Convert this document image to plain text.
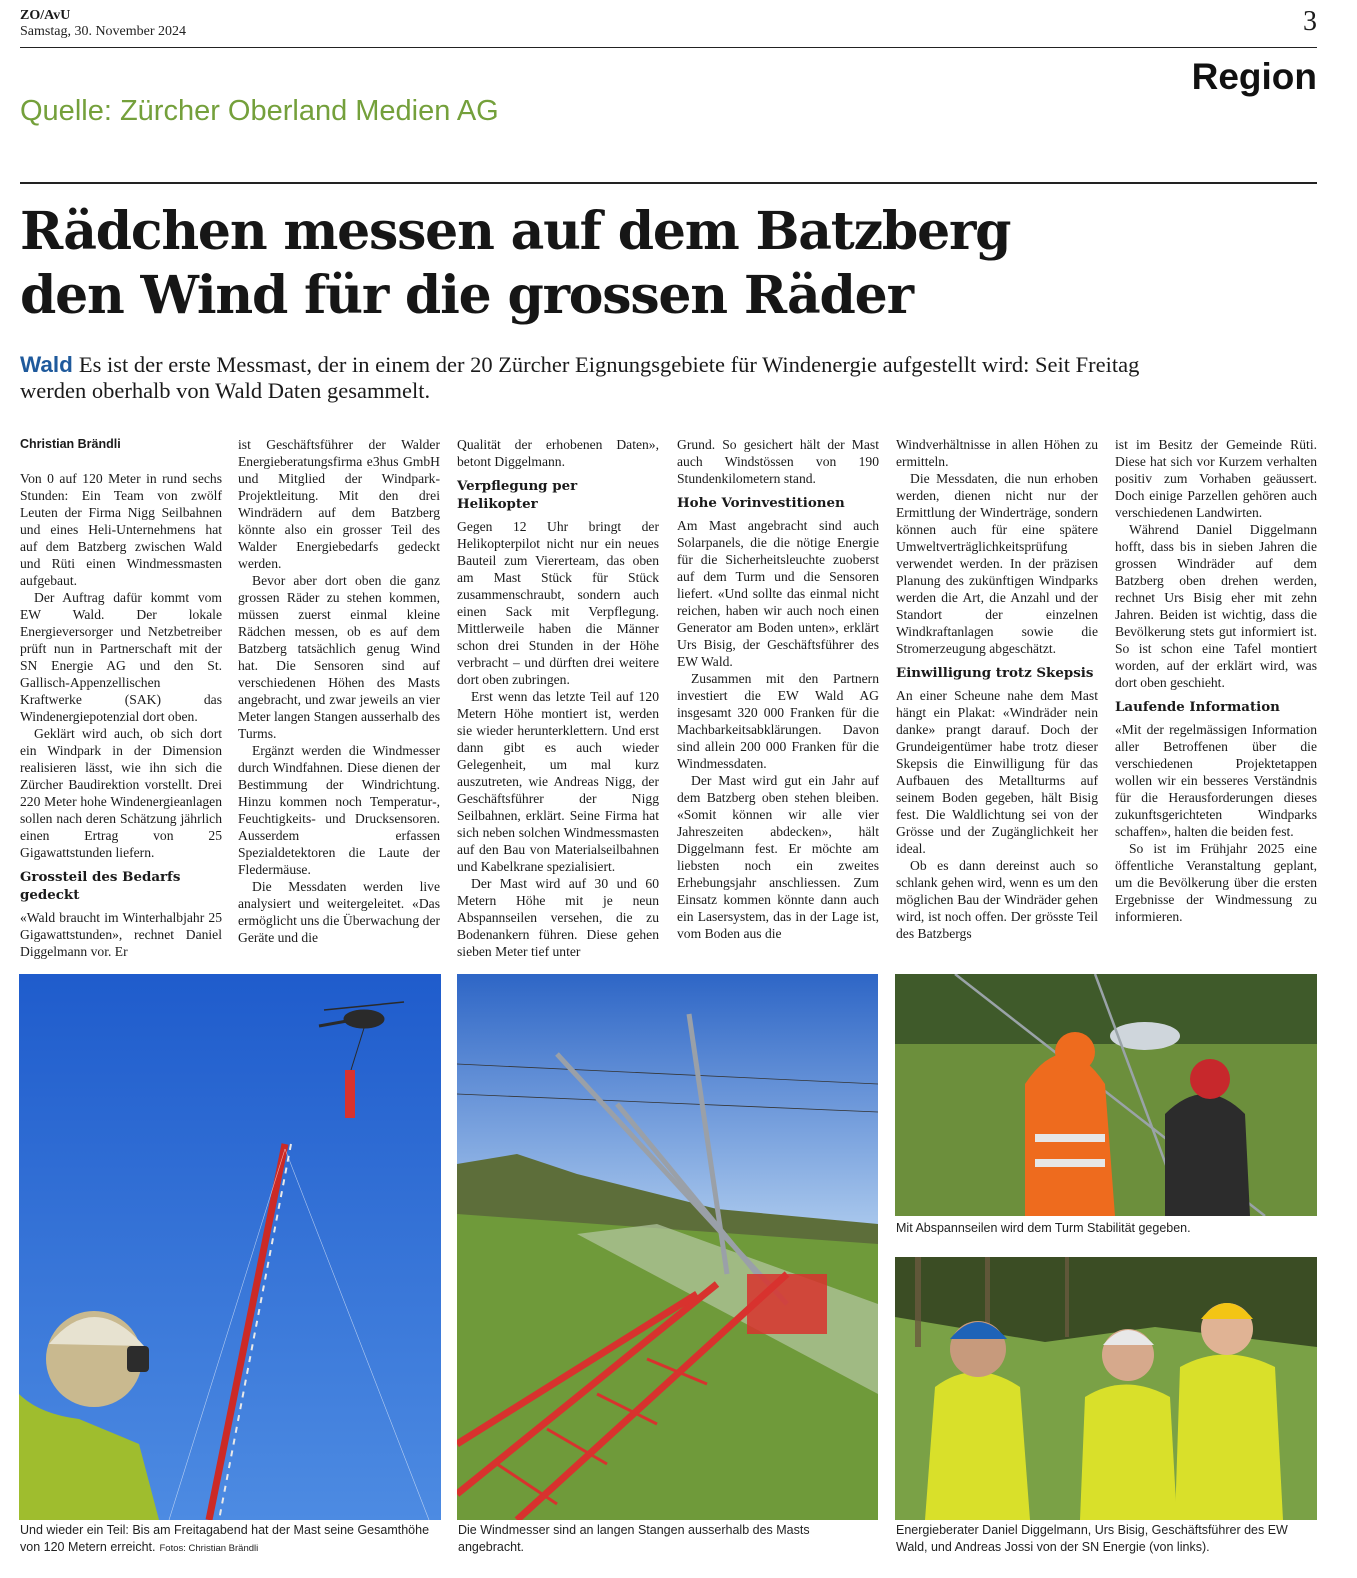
ZO/AvU
Samstag, 30. November 2024	3
Region
Quelle: Zürcher Oberland Medien AG
Rädchen messen auf dem Batzberg
den Wind für die grossen Räder
Wald Es ist der erste Messmast, der in einem der 20 Zürcher Eignungsgebiete für Windenergie aufgestellt wird: Seit Freitag werden oberhalb von Wald Daten gesammelt.
Christian Brändli

Von 0 auf 120 Meter in rund sechs Stunden: Ein Team von zwölf Leuten der Firma Nigg Seilbahnen und eines Heli-Unternehmens hat auf dem Batzberg zwischen Wald und Rüti einen Windmessmasten aufgebaut.

Der Auftrag dafür kommt vom EW Wald. Der lokale Energieversorger und Netzbetreiber prüft nun in Partnerschaft mit der SN Energie AG und den St. Gallisch-Appenzellischen Kraftwerke (SAK) das Windenergiepotenzial dort oben.

Geklärt wird auch, ob sich dort ein Windpark in der Dimension realisieren lässt, wie ihn sich die Zürcher Baudirektion vorstellt. Drei 220 Meter hohe Windenergieanlagen sollen nach deren Schätzung jährlich einen Ertrag von 25 Gigawattstunden liefern.

Grossteil des Bedarfs gedeckt

«Wald braucht im Winterhalbjahr 25 Gigawattstunden», rechnet Daniel Diggelmann vor. Er

ist Geschäftsführer der Walder Energieberatungsfirma e3hus GmbH und Mitglied der Windpark-Projektleitung. Mit den drei Windrädern auf dem Batzberg könnte also ein grosser Teil des Walder Energiebedarfs gedeckt werden.

Bevor aber dort oben die ganz grossen Räder zu stehen kommen, müssen zuerst einmal kleine Rädchen messen, ob es auf dem Batzberg tatsächlich genug Wind hat. Die Sensoren sind auf verschiedenen Höhen des Masts angebracht, und zwar jeweils an vier Meter langen Stangen ausserhalb des Turms.

Ergänzt werden die Windmesser durch Windfahnen. Diese dienen der Bestimmung der Windrichtung. Hinzu kommen noch Temperatur-, Feuchtigkeits- und Drucksensoren. Ausserdem erfassen Spezialdetektoren die Laute der Fledermäuse.

Die Messdaten werden live analysiert und weitergeleitet. «Das ermöglicht uns die Überwachung der Geräte und die

Qualität der erhobenen Daten», betont Diggelmann.

Verpflegung per Helikopter

Gegen 12 Uhr bringt der Helikopterpilot nicht nur ein neues Bauteil zum Viererteam, das oben am Mast Stück für Stück zusammenschraubt, sondern auch einen Sack mit Verpflegung. Mittlerweile haben die Männer schon drei Stunden in der Höhe verbracht – und dürften drei weitere dort oben zubringen.

Erst wenn das letzte Teil auf 120 Metern Höhe montiert ist, werden sie wieder herunterklettern. Und erst dann gibt es auch wieder Gelegenheit, um mal kurz auszutreten, wie Andreas Nigg, der Geschäftsführer der Nigg Seilbahnen, erklärt. Seine Firma hat sich neben solchen Windmessmasten auf den Bau von Materialseilbahnen und Kabelkrane spezialisiert.

Der Mast wird auf 30 und 60 Metern Höhe mit je neun Abspannseilen versehen, die zu Bodenankern führen. Diese gehen sieben Meter tief unter

Grund. So gesichert hält der Mast auch Windstössen von 190 Stundenkilometern stand.

Hohe Vorinvestitionen

Am Mast angebracht sind auch Solarpanels, die die nötige Energie für die Sicherheitsleuchte zuoberst auf dem Turm und die Sensoren liefert. «Und sollte das einmal nicht reichen, haben wir auch noch einen Generator am Boden unten», erklärt Urs Bisig, der Geschäftsführer des EW Wald.

Zusammen mit den Partnern investiert die EW Wald AG insgesamt 320 000 Franken für die Machbarkeitsabklärungen. Davon sind allein 200 000 Franken für die Windmessdaten.

Der Mast wird gut ein Jahr auf dem Batzberg oben stehen bleiben. «Somit können wir alle vier Jahreszeiten abdecken», hält Diggelmann fest. Er möchte am liebsten noch ein zweites Erhebungsjahr anschliessen. Zum Einsatz kommen könnte dann auch ein Lasersystem, das in der Lage ist, vom Boden aus die

Windverhältnisse in allen Höhen zu ermitteln.

Die Messdaten, die nun erhoben werden, dienen nicht nur der Ermittlung der Winderträge, sondern können auch für eine spätere Umweltverträglichkeitsprüfung verwendet werden. In der präzisen Planung des zukünftigen Windparks werden die Art, die Anzahl und der Standort der einzelnen Windkraftanlagen sowie die Stromerzeugung abgeschätzt.

Einwilligung trotz Skepsis

An einer Scheune nahe dem Mast hängt ein Plakat: «Windräder nein danke» prangt darauf. Doch der Grundeigentümer habe trotz dieser Skepsis die Einwilligung für das Aufbauen des Metallturms auf seinem Boden gegeben, hält Bisig fest. Die Waldlichtung sei von der Grösse und der Zugänglichkeit her ideal.

Ob es dann dereinst auch so schlank gehen wird, wenn es um den möglichen Bau der Windräder gehen wird, ist noch offen. Der grösste Teil des Batzbergs

ist im Besitz der Gemeinde Rüti. Diese hat sich vor Kurzem verhalten positiv zum Vorhaben geäussert. Doch einige Parzellen gehören auch verschiedenen Landwirten.

Während Daniel Diggelmann hofft, dass bis in sieben Jahren die grossen Windräder auf dem Batzberg oben drehen werden, rechnet Urs Bisig eher mit zehn Jahren. Beiden ist wichtig, dass die Bevölkerung stets gut informiert ist. So ist schon eine Tafel montiert worden, auf der erklärt wird, was dort oben geschieht.

Laufende Information

«Mit der regelmässigen Information aller Betroffenen über die verschiedenen Projektetappen wollen wir ein besseres Verständnis für die Herausforderungen dieses zukunftsgerichteten Windparks schaffen», halten die beiden fest.

So ist im Frühjahr 2025 eine öffentliche Veranstaltung geplant, um die Bevölkerung über die ersten Ergebnisse der Windmessung zu informieren.

Und wieder ein Teil: Bis am Freitagabend hat der Mast seine Gesamthöhe von 120 Metern erreicht. Fotos: Christian Brändli
Die Windmesser sind an langen Stangen ausserhalb des Masts angebracht.
Mit Abspannseilen wird dem Turm Stabilität gegeben.
Energieberater Daniel Diggelmann, Urs Bisig, Geschäftsführer des EW Wald, und Andreas Jossi von der SN Energie (von links).
